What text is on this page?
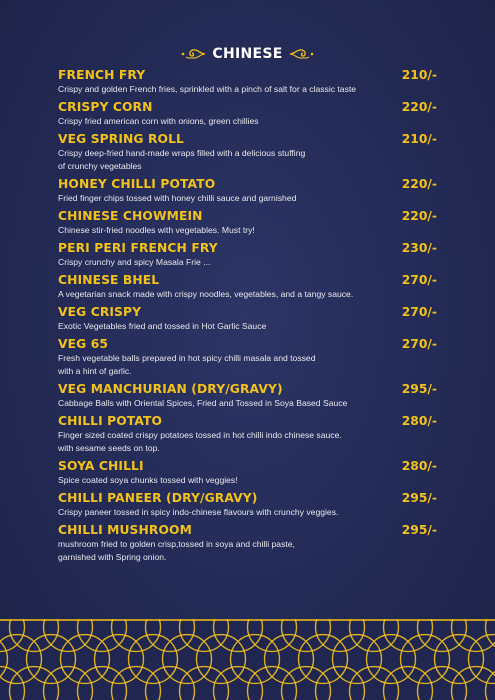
CHINESE
FRENCH FRY	210/-
Crispy and golden French fries, sprinkled with a pinch of salt for a classic taste
CRISPY CORN	220/-
Crispy fried american corn with onions, green chillies
VEG SPRING ROLL	210/-
Crispy deep-fried hand-made wraps filled with a delicious stuffing
of crunchy vegetables
HONEY CHILLI POTATO	220/-
Fried finger chips tossed with honey chilli sauce and garnished
CHINESE CHOWMEIN	220/-
Chinese stir-fried noodles with vegetables. Must try!
PERI PERI FRENCH FRY	230/-
Crispy crunchy and spicy Masala Frie ...
CHINESE BHEL	270/-
A vegetarian snack made with crispy noodles, vegetables, and a tangy sauce.
VEG CRISPY	270/-
Exotic Vegetables fried and tossed in Hot Garlic Sauce
VEG 65	270/-
Fresh vegetable balls prepared in hot spicy chilli masala and tossed
with a hint of garlic.
VEG MANCHURIAN (DRY/GRAVY)	295/-
Cabbage Balls with Oriental Spices, Fried and Tossed in Soya Based Sauce
CHILLI POTATO	280/-
Finger sized coated crispy potatoes tossed in hot chilli indo chinese sauce.
with sesame seeds on top.
SOYA CHILLI	280/-
Spice coated soya chunks tossed with veggies!
CHILLI PANEER (DRY/GRAVY)	295/-
Crispy paneer tossed in spicy indo-chinese flavours with crunchy veggies.
CHILLI MUSHROOM	295/-
mushroom fried to golden crisp,tossed in soya and chilli paste,
garnished with Spring onion.
